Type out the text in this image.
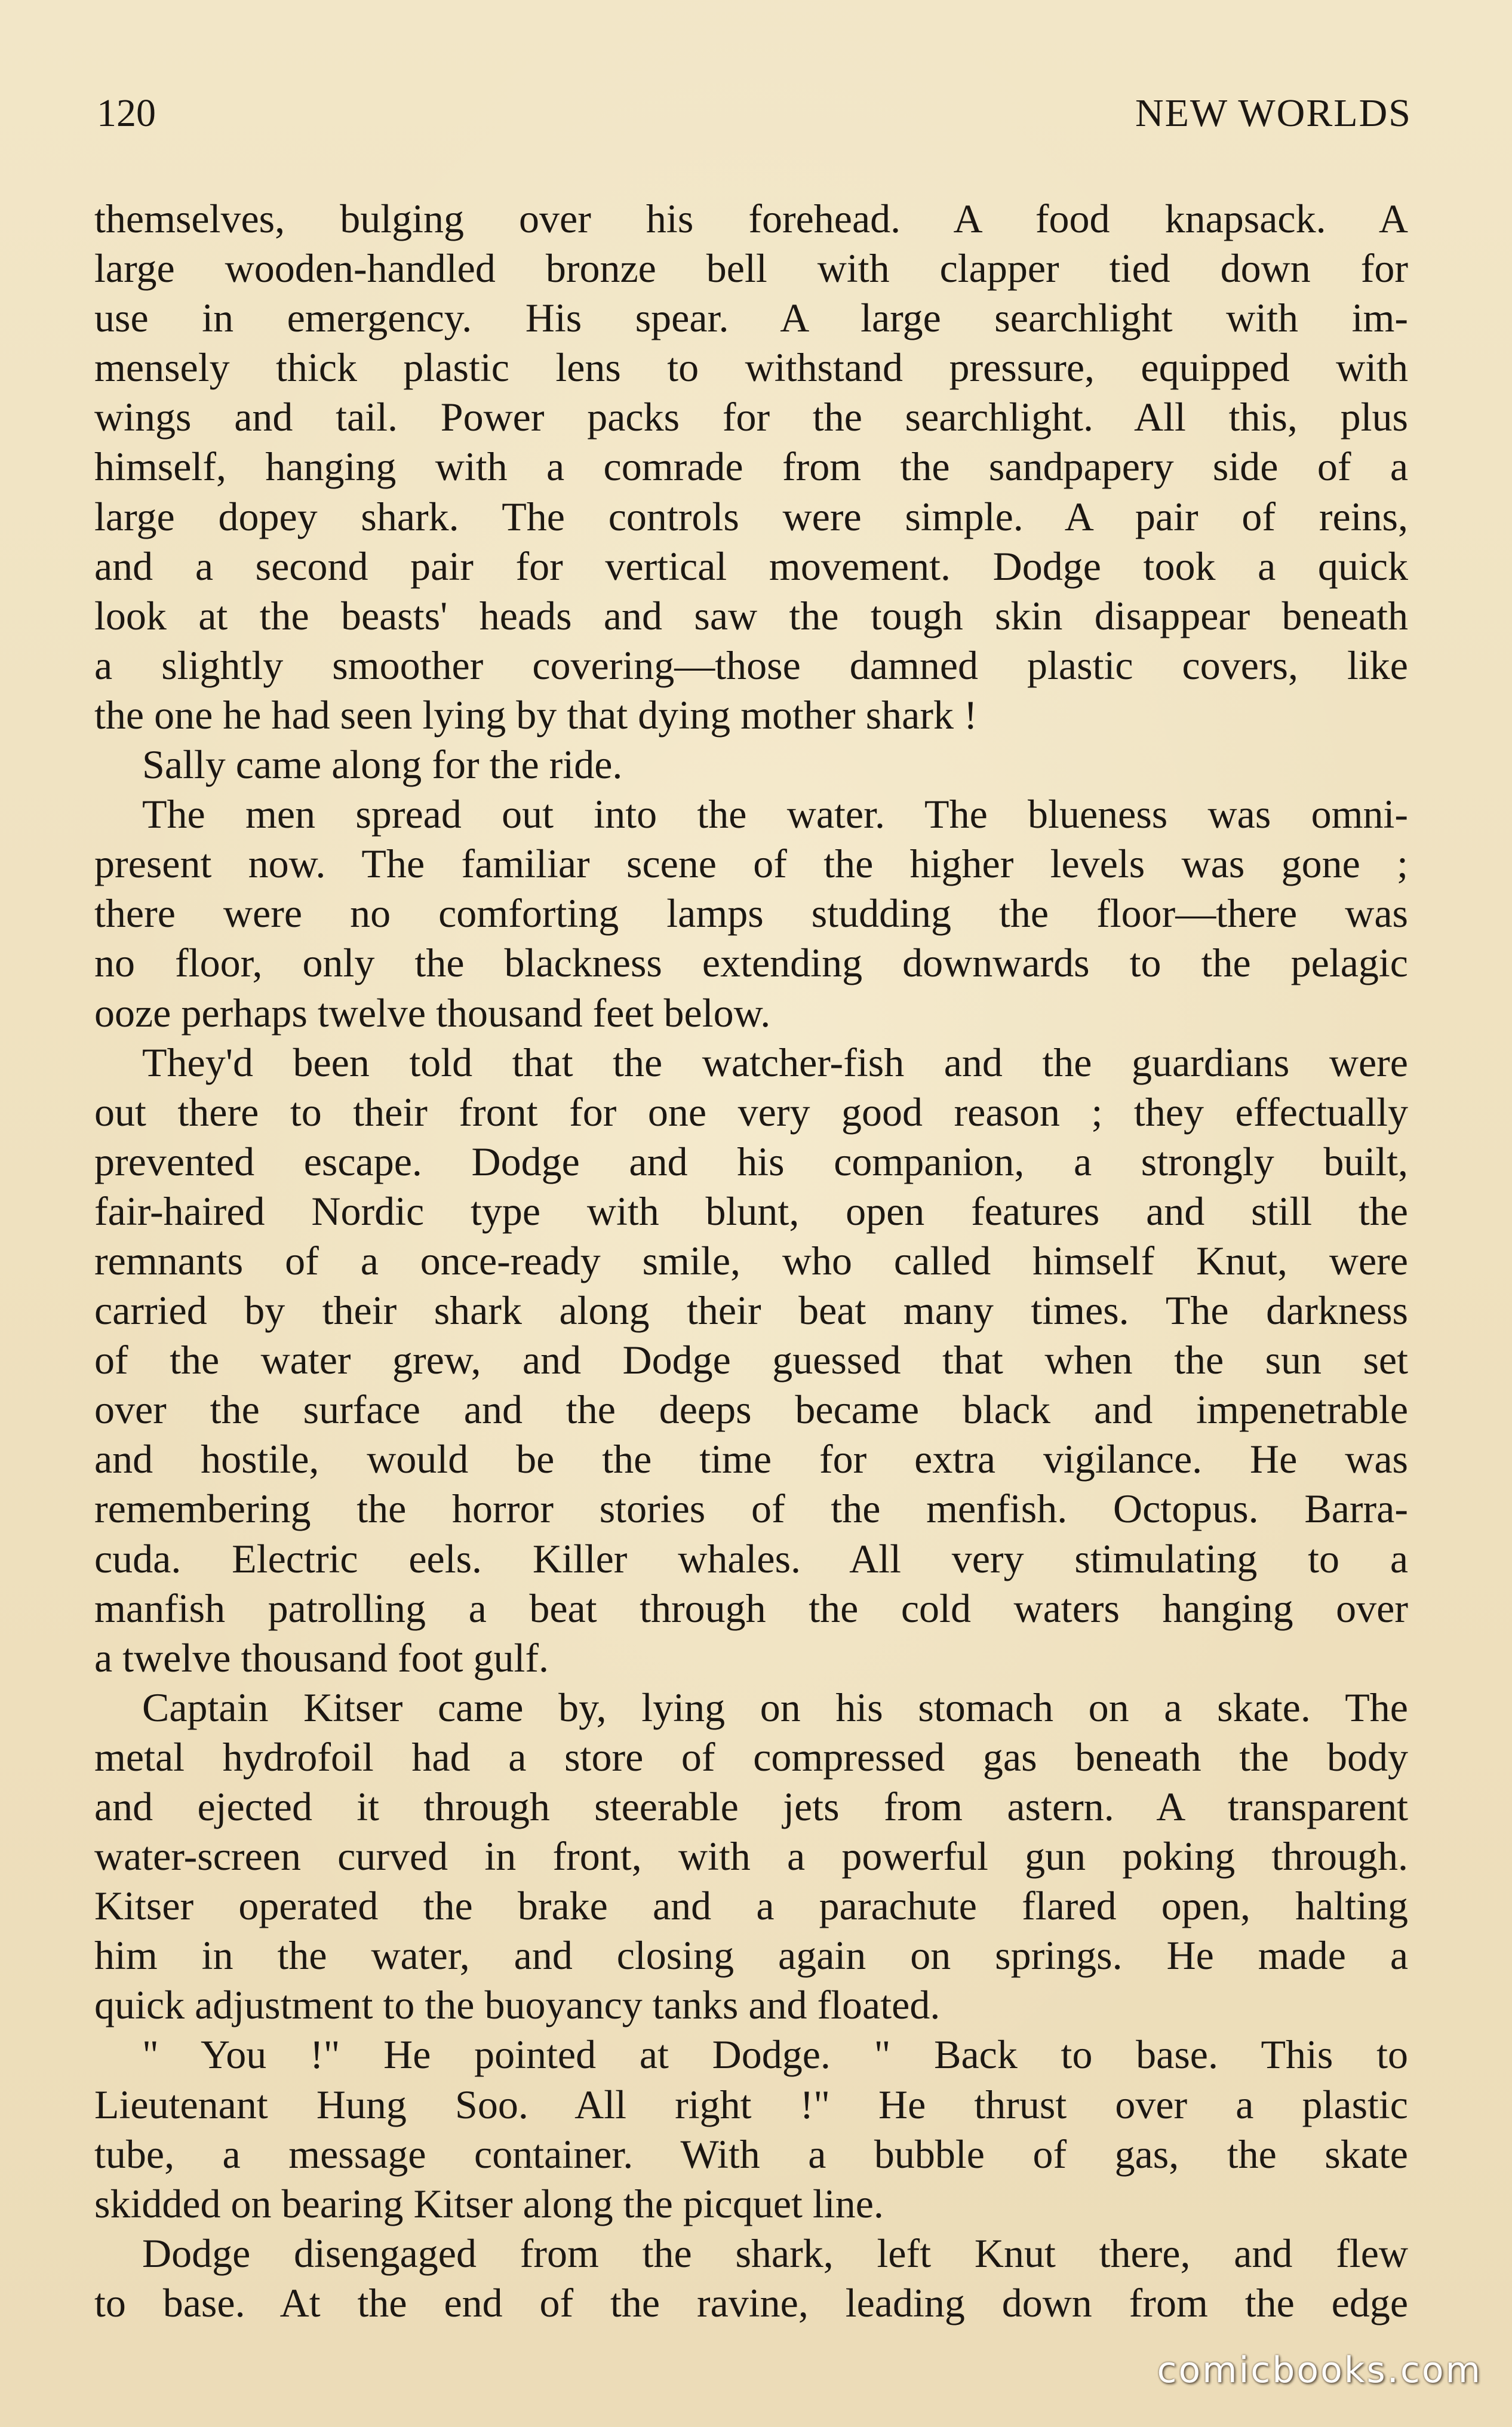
120	NEW WORLDS
themselves, bulging over his forehead. A food knapsack. A
large wooden-handled bronze bell with clapper tied down for
use in emergency. His spear. A large searchlight with im-
mensely thick plastic lens to withstand pressure, equipped with
wings and tail. Power packs for the searchlight. All this, plus
himself, hanging with a comrade from the sandpapery side of a
large dopey shark. The controls were simple. A pair of reins,
and a second pair for vertical movement. Dodge took a quick
look at the beasts' heads and saw the tough skin disappear beneath
a slightly smoother covering—those damned plastic covers, like
the one he had seen lying by that dying mother shark !
Sally came along for the ride.
The men spread out into the water. The blueness was omni-
present now. The familiar scene of the higher levels was gone ;
there were no comforting lamps studding the floor—there was
no floor, only the blackness extending downwards to the pelagic
ooze perhaps twelve thousand feet below.
They'd been told that the watcher-fish and the guardians were
out there to their front for one very good reason ; they effectually
prevented escape. Dodge and his companion, a strongly built,
fair-haired Nordic type with blunt, open features and still the
remnants of a once-ready smile, who called himself Knut, were
carried by their shark along their beat many times. The darkness
of the water grew, and Dodge guessed that when the sun set
over the surface and the deeps became black and impenetrable
and hostile, would be the time for extra vigilance. He was
remembering the horror stories of the menfish. Octopus. Barra-
cuda. Electric eels. Killer whales. All very stimulating to a
manfish patrolling a beat through the cold waters hanging over
a twelve thousand foot gulf.
Captain Kitser came by, lying on his stomach on a skate. The
metal hydrofoil had a store of compressed gas beneath the body
and ejected it through steerable jets from astern. A transparent
water-screen curved in front, with a powerful gun poking through.
Kitser operated the brake and a parachute flared open, halting
him in the water, and closing again on springs. He made a
quick adjustment to the buoyancy tanks and floated.
" You !" He pointed at Dodge. " Back to base. This to
Lieutenant Hung Soo. All right !" He thrust over a plastic
tube, a message container. With a bubble of gas, the skate
skidded on bearing Kitser along the picquet line.
Dodge disengaged from the shark, left Knut there, and flew
to base. At the end of the ravine, leading down from the edge
comicbooks.com
